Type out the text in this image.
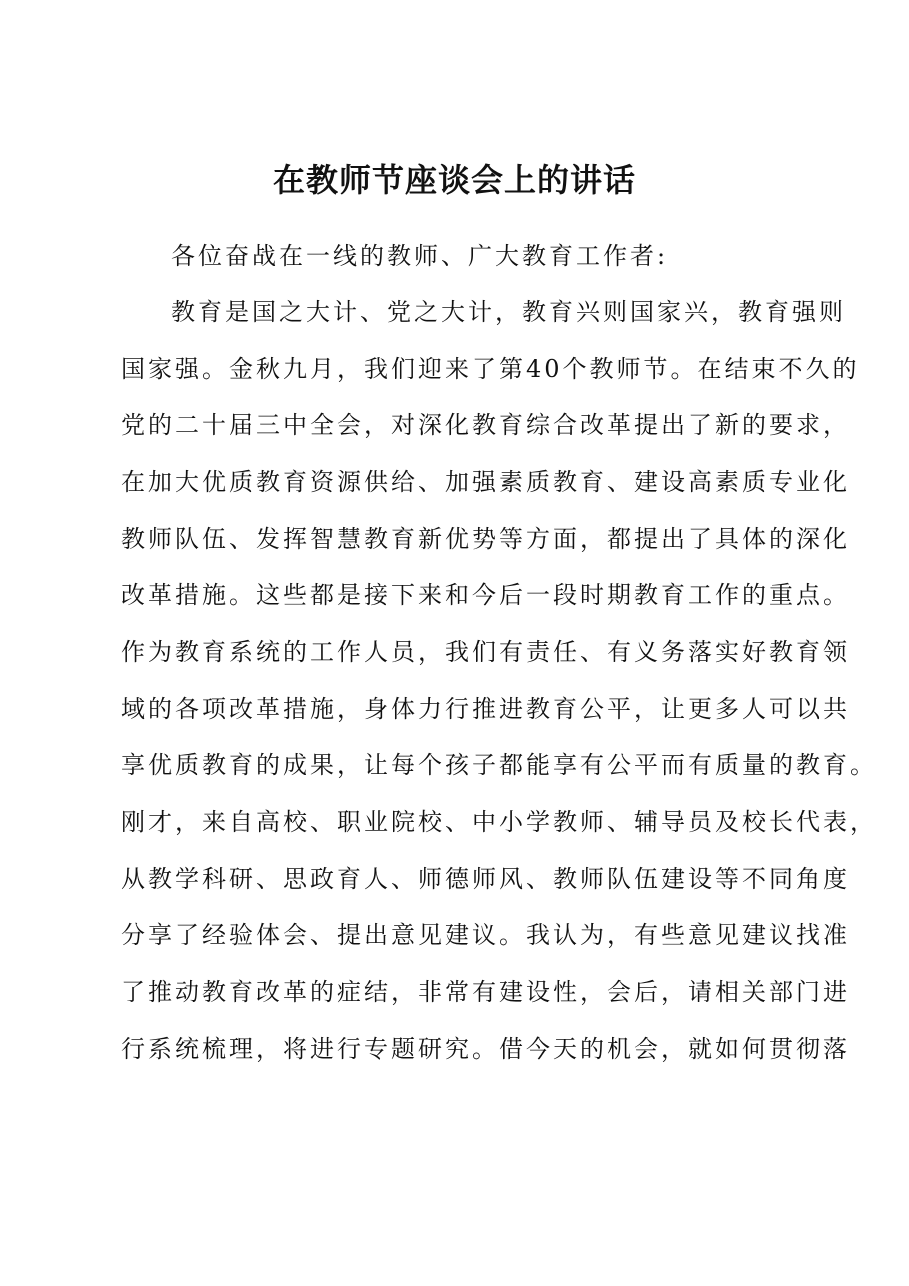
在教师节座谈会上的讲话
各位奋战在一线的教师、广大教育工作者:
教育是国之大计、党之大计，教育兴则国家兴，教育强则
国家强。金秋九月，我们迎来了第40个教师节。在结束不久的
党的二十届三中全会，对深化教育综合改革提出了新的要求，
在加大优质教育资源供给、加强素质教育、建设高素质专业化
教师队伍、发挥智慧教育新优势等方面，都提出了具体的深化
改革措施。这些都是接下来和今后一段时期教育工作的重点。
作为教育系统的工作人员，我们有责任、有义务落实好教育领
域的各项改革措施，身体力行推进教育公平，让更多人可以共
享优质教育的成果，让每个孩子都能享有公平而有质量的教育。
刚才，来自高校、职业院校、中小学教师、辅导员及校长代表，
从教学科研、思政育人、师德师风、教师队伍建设等不同角度
分享了经验体会、提出意见建议。我认为，有些意见建议找准
了推动教育改革的症结，非常有建设性，会后，请相关部门进
行系统梳理，将进行专题研究。借今天的机会，就如何贯彻落
